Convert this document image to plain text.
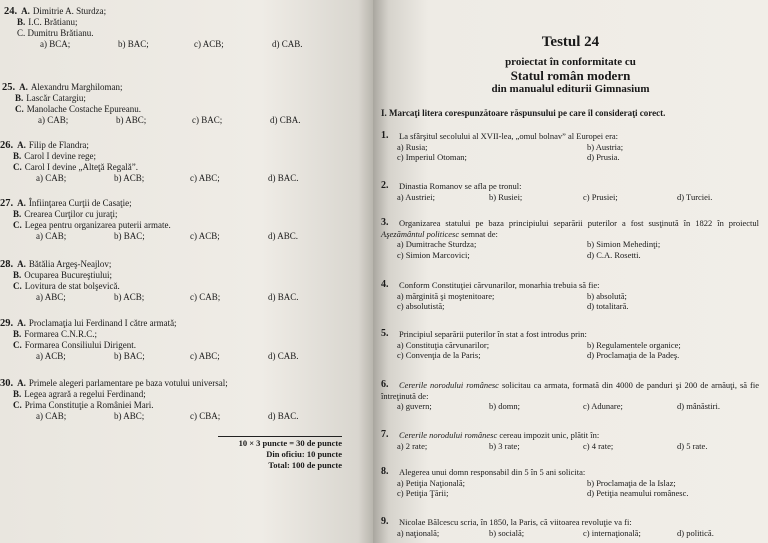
24. A. Dimitrie A. Sturdza;
B. I.C. Brătianu;
C. Dumitru Brătianu.
a) BCA;	b) BAC;	c) ACB;	d) CAB.
25. A. Alexandru Marghiloman;
B. Lascăr Catargiu;
C. Manolache Costache Epureanu.
a) CAB;	b) ABC;	c) BAC;	d) CBA.
26. A. Filip de Flandra;
B. Carol I devine rege;
C. Carol I devine „Alteţă Regală”.
a) CAB;	b) ACB;	c) ABC;	d) BAC.
27. A. Înfiinţarea Curţii de Casaţie;
B. Crearea Curţilor cu juraţi;
C. Legea pentru organizarea puterii armate.
a) CAB;	b) BAC;	c) ACB;	d) ABC.
28. A. Bătălia Argeş-Neajlov;
B. Ocuparea Bucureştiului;
C. Lovitura de stat bolşevică.
a) ABC;	b) ACB;	c) CAB;	d) BAC.
29. A. Proclamaţia lui Ferdinand I către armată;
B. Formarea C.N.R.C.;
C. Formarea Consiliului Dirigent.
a) ACB;	b) BAC;	c) ABC;	d) CAB.
30. A. Primele alegeri parlamentare pe baza votului universal;
B. Legea agrară a regelui Ferdinand;
C. Prima Constituţie a României Mari.
a) CAB;	b) ABC;	c) CBA;	d) BAC.
10 × 3 puncte = 30 de puncte
Din oficiu: 10 puncte
Total: 100 de puncte
Testul 24
proiectat în conformitate cu
Statul român modern
din manualul editurii Gimnasium
I. Marcaţi litera corespunzătoare răspunsului pe care îl consideraţi corect.
1.	La sfârşitul secolului al XVII-lea, „omul bolnav” al Europei era:
a) Rusia;	b) Austria;
c) Imperiul Otoman;	d) Prusia.
2.	Dinastia Romanov se afla pe tronul:
a) Austriei;	b) Rusiei;	c) Prusiei;	d) Turciei.
3.	Organizarea statului pe baza principiului separării puterilor a fost susţinută în 1822 în proiectul Aşezământul politicesc semnat de:
a) Dumitrache Sturdza;	b) Simion Mehedinţi;
c) Simion Marcovici;	d) C.A. Rosetti.
4.	Conform Constituţiei cărvunarilor, monarhia trebuia să fie:
a) mărginită şi moştenitoare;	b) absolută;
c) absolutistă;	d) totalitară.
5.	Principiul separării puterilor în stat a fost introdus prin:
a) Constituţia cărvunarilor;	b) Regulamentele organice;
c) Convenţia de la Paris;	d) Proclamaţia de la Padeş.
6.	Cererile norodului românesc solicitau ca armata, formată din 4000 de panduri şi 200 de arnăuţi, să fie întreţinută de:
a) guvern;	b) domn;	c) Adunare;	d) mânăstiri.
7.	Cererile norodului românesc cereau impozit unic, plătit în:
a) 2 rate;	b) 3 rate;	c) 4 rate;	d) 5 rate.
8.	Alegerea unui domn responsabil din 5 în 5 ani solicita:
a) Petiţia Naţională;	b) Proclamaţia de la Islaz;
c) Petiţia Ţării;	d) Petiţia neamului românesc.
9.	Nicolae Bălcescu scria, în 1850, la Paris, că viitoarea revoluţie va fi:
a) naţională;	b) socială;	c) internaţională;	d) politică.
